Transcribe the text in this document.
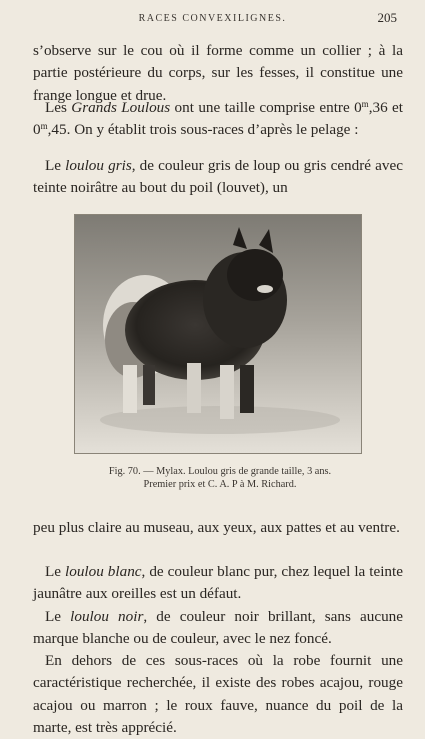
RACES CONVEXILIGNES.	205

s’observe sur le cou où il forme comme un collier ; à la partie postérieure du corps, sur les fesses, il constitue une frange longue et drue.

Les Grands Loulous ont une taille comprise entre 0$^m$,36 et 0$^m$,45. On y établit trois sous-races d’après le pelage :

Le loulou gris, de couleur gris de loup ou gris cendré avec teinte noirâtre au bout du poil (louvet), un

Fig. 70. — Mylax. Loulou gris de grande taille, 3 ans.
Premier prix et C. A. P à M. Richard.

peu plus claire au museau, aux yeux, aux pattes et au ventre.

Le loulou blanc, de couleur blanc pur, chez lequel la teinte jaunâtre aux oreilles est un défaut.

Le loulou noir, de couleur noir brillant, sans aucune marque blanche ou de couleur, avec le nez foncé.

En dehors de ces sous-races où la robe fournit une caractéristique recherchée, il existe des robes acajou, rouge acajou ou marron ; le roux fauve, nuance du poil de la marte, est très apprécié.
